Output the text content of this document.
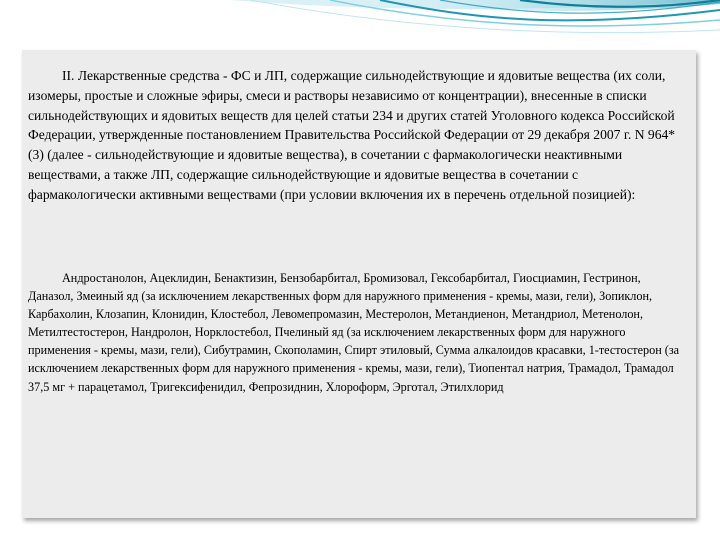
II. Лекарственные средства - ФС и ЛП, содержащие сильнодействующие и ядовитые вещества (их соли, изомеры, простые и сложные эфиры, смеси и растворы независимо от концентрации), внесенные в списки сильнодействующих и ядовитых веществ для целей статьи 234 и других статей Уголовного кодекса Российской Федерации, утвержденные постановлением Правительства Российской Федерации от 29 декабря 2007 г. N 964*(3) (далее - сильнодействующие и ядовитые вещества), в сочетании с фармакологически неактивными веществами, а также ЛП, содержащие сильнодействующие и ядовитые вещества в сочетании с фармакологически активными веществами (при условии включения их в перечень отдельной позицией):

Андростанолон, Ацеклидин, Бенактизин, Бензобарбитал, Бромизовал, Гексобарбитал, Гиосциамин, Гестринон, Даназол, Змеиный яд (за исключением лекарственных форм для наружного применения - кремы, мази, гели), Зопиклон, Карбахолин, Клозапин, Клонидин, Клостебол, Левомепромазин, Местеролон, Метандиенон, Метандриол, Метенолон, Метилтестостерон, Нандролон, Норклостебол, Пчелиный яд (за исключением лекарственных форм для наружного применения - кремы, мази, гели), Сибутрамин, Скополамин, Спирт этиловый, Сумма алкалоидов красавки, 1-тестостерон (за исключением лекарственных форм для наружного применения - кремы, мази, гели), Тиопентал натрия, Трамадол, Трамадол 37,5 мг + парацетамол, Тригексифенидил, Фепрозиднин, Хлороформ, Эрготал, Этилхлорид
